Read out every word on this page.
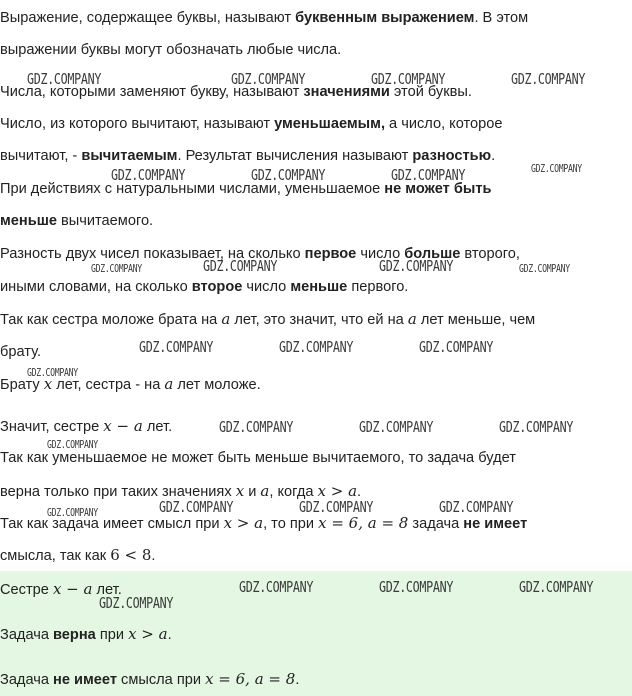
Выражение, содержащее буквы, называют буквенным выражением. В этом
выражении буквы могут обозначать любые числа.
Числа, которыми заменяют букву, называют значениями этой буквы.
Число, из которого вычитают, называют уменьшаемым, а число, которое
вычитают, - вычитаемым. Результат вычисления называют разностью.
При действиях с натуральными числами, уменьшаемое не может быть
меньше вычитаемого.
Разность двух чисел показывает, на сколько первое число больше второго,
иными словами, на сколько второе число меньше первого.
Так как сестра моложе брата на a лет, это значит, что ей на a лет меньше, чем
брату.
Брату x лет, сестра - на a лет моложе.
Значит, сестре x − a лет.
Так как уменьшаемое не может быть меньше вычитаемого, то задача будет
верна только при таких значениях x и a, когда x > a.
Так как задача имеет смысл при x > a, то при x = 6, a = 8 задача не имеет
смысла, так как 6 < 8.
Сестре x − a лет.
Задача верна при x > a.
Задача не имеет смысла при x = 6, a = 8.
GDZ.COMPANY	GDZ.COMPANY	GDZ.COMPANY	GDZ.COMPANY
GDZ.COMPANY	GDZ.COMPANY	GDZ.COMPANY	GDZ.COMPANY
GDZ.COMPANY	GDZ.COMPANY	GDZ.COMPANY	GDZ.COMPANY
GDZ.COMPANY	GDZ.COMPANY	GDZ.COMPANY
GDZ.COMPANY
GDZ.COMPANY	GDZ.COMPANY	GDZ.COMPANY
GDZ.COMPANY
GDZ.COMPANY	GDZ.COMPANY	GDZ.COMPANY	GDZ.COMPANY
GDZ.COMPANY	GDZ.COMPANY	GDZ.COMPANY
GDZ.COMPANY
